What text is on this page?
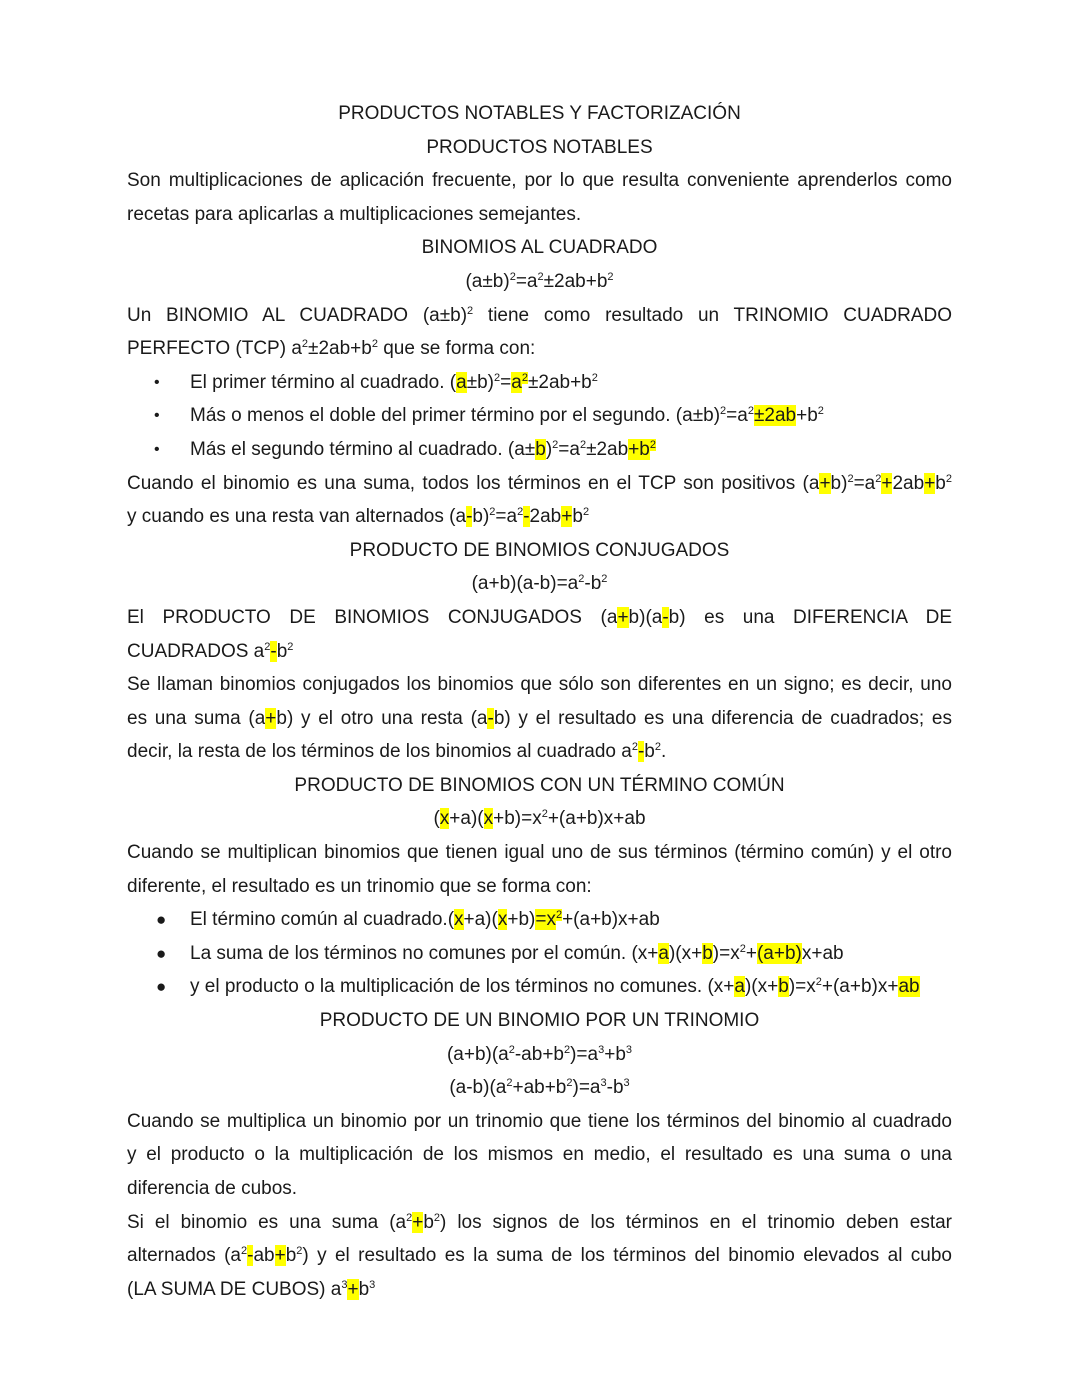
PRODUCTOS NOTABLES Y FACTORIZACIÓN
PRODUCTOS NOTABLES
Son multiplicaciones de aplicación frecuente, por lo que resulta conveniente aprenderlos como
recetas para aplicarlas a multiplicaciones semejantes.
BINOMIOS AL CUADRADO
$(a\pm b)^2=a^2\pm 2ab+b^2$
Un BINOMIO AL CUADRADO $(a\pm b)^2$ tiene como resultado un TRINOMIO CUADRADO
PERFECTO (TCP) $a^2\pm 2ab+b^2$ que se forma con:
• El primer término al cuadrado. $(a\pm b)^2=a^2\pm 2ab+b^2$
• Más o menos el doble del primer término por el segundo. $(a\pm b)^2=a^2\pm 2ab+b^2$
• Más el segundo término al cuadrado. $(a\pm b)^2=a^2\pm 2ab+b^2$
Cuando el binomio es una suma, todos los términos en el TCP son positivos $(a+b)^2=a^2+2ab+b^2$
y cuando es una resta van alternados $(a-b)^2=a^2-2ab+b^2$
PRODUCTO DE BINOMIOS CONJUGADOS
$(a+b)(a-b)=a^2-b^2$
El PRODUCTO DE BINOMIOS CONJUGADOS (a+b)(a-b) es una DIFERENCIA DE
CUADRADOS $a^2-b^2$
Se llaman binomios conjugados los binomios que sólo son diferentes en un signo; es decir, uno
es una suma (a+b) y el otro una resta (a-b) y el resultado es una diferencia de cuadrados; es
decir, la resta de los términos de los binomios al cuadrado $a^2-b^2$.
PRODUCTO DE BINOMIOS CON UN TÉRMINO COMÚN
$(x+a)(x+b)=x^2+(a+b)x+ab$
Cuando se multiplican binomios que tienen igual uno de sus términos (término común) y el otro
diferente, el resultado es un trinomio que se forma con:
● El término común al $cuadrado.(x+a)(x+b)=x^2+(a+b)x+ab$
● La suma de los términos no comunes por el común. $(x+a)(x+b)=x^2+(a+b)x+ab$
● y el producto o la multiplicación de los términos no comunes. $(x+a)(x+b)=x^2+(a+b)x+ab$
PRODUCTO DE UN BINOMIO POR UN TRINOMIO
$(a+b)(a^2-ab+b^2)=a^3+b^3$
$(a-b)(a^2+ab+b^2)=a^3-b^3$
Cuando se multiplica un binomio por un trinomio que tiene los términos del binomio al cuadrado
y el producto o la multiplicación de los mismos en medio, el resultado es una suma o una
diferencia de cubos.
Si el binomio es una suma $(a^2+b^2)$ los signos de los términos en el trinomio deben estar
alternados $(a^2-ab+b^2)$ y el resultado es la suma de los términos del binomio elevados al cubo
(LA SUMA DE CUBOS) $a^3+b^3$
